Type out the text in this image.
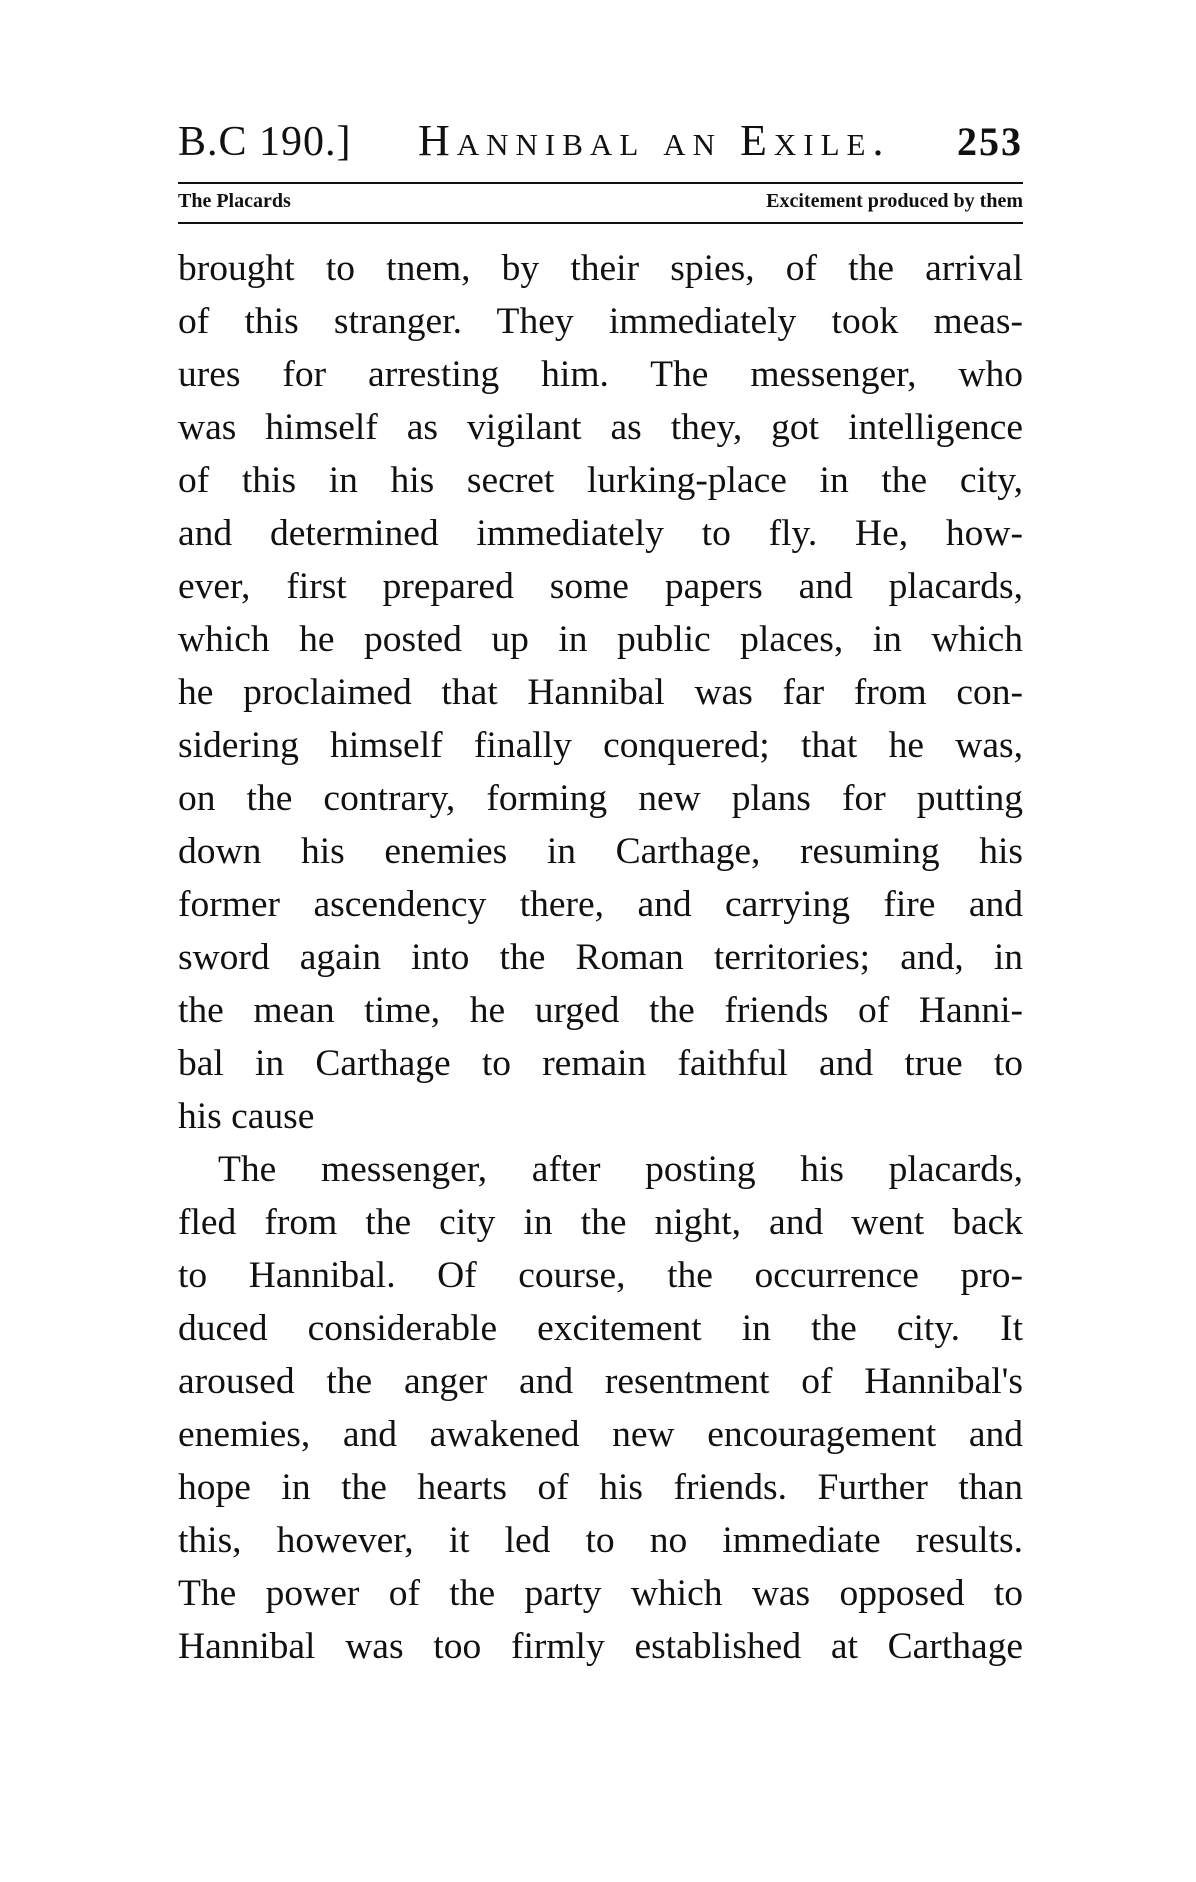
B.C 190.] Hannibal an Exile. 253
The Placards	Excitement produced by them
brought to tnem, by their spies, of the arrival
of this stranger. They immediately took meas-
ures for arresting him. The messenger, who
was himself as vigilant as they, got intelligence
of this in his secret lurking-place in the city,
and determined immediately to fly. He, how-
ever, first prepared some papers and placards,
which he posted up in public places, in which
he proclaimed that Hannibal was far from con-
sidering himself finally conquered; that he was,
on the contrary, forming new plans for putting
down his enemies in Carthage, resuming his
former ascendency there, and carrying fire and
sword again into the Roman territories; and, in
the mean time, he urged the friends of Hanni-
bal in Carthage to remain faithful and true to
his cause
The messenger, after posting his placards,
fled from the city in the night, and went back
to Hannibal. Of course, the occurrence pro-
duced considerable excitement in the city. It
aroused the anger and resentment of Hannibal's
enemies, and awakened new encouragement and
hope in the hearts of his friends. Further than
this, however, it led to no immediate results.
The power of the party which was opposed to
Hannibal was too firmly established at Carthage
